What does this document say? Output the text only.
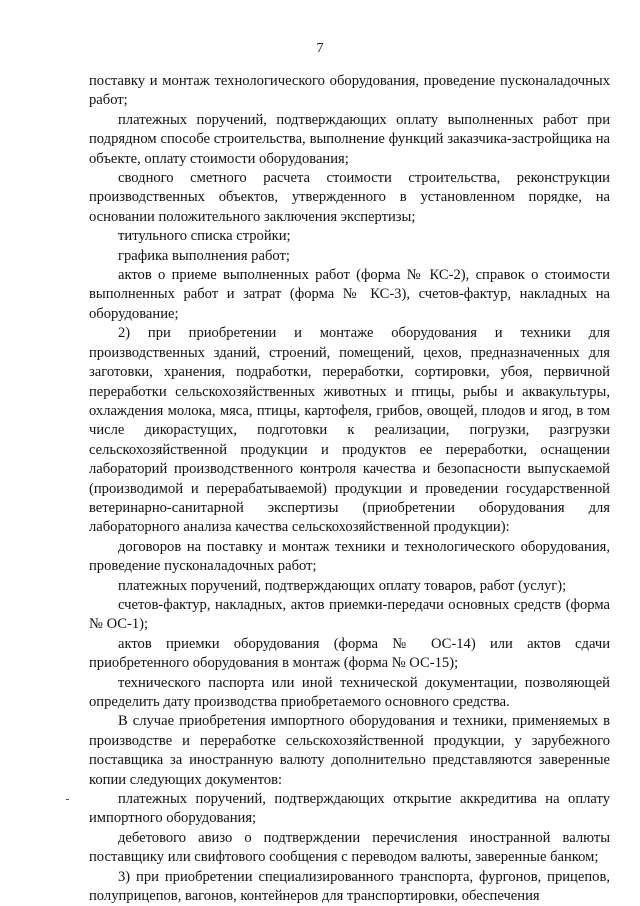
7

поставку и монтаж технологического оборудования, проведение пусконаладочных работ;

платежных поручений, подтверждающих оплату выполненных работ при подрядном способе строительства, выполнение функций заказчика-застройщика на объекте, оплату стоимости оборудования;

сводного сметного расчета стоимости строительства, реконструкции производственных объектов, утвержденного в установленном порядке, на основании положительного заключения экспертизы;

титульного списка стройки;

графика выполнения работ;

актов о приеме выполненных работ (форма № КС-2), справок о стоимости выполненных работ и затрат (форма № КС-3), счетов-фактур, накладных на оборудование;

2) при приобретении и монтаже оборудования и техники для производственных зданий, строений, помещений, цехов, предназначенных для заготовки, хранения, подработки, переработки, сортировки, убоя, первичной переработки сельскохозяйственных животных и птицы, рыбы и аквакультуры, охлаждения молока, мяса, птицы, картофеля, грибов, овощей, плодов и ягод, в том числе дикорастущих, подготовки к реализации, погрузки, разгрузки сельскохозяйственной продукции и продуктов ее переработки, оснащении лабораторий производственного контроля качества и безопасности выпускаемой (производимой и перерабатываемой) продукции и проведении государственной ветеринарно-санитарной экспертизы (приобретении оборудования для лабораторного анализа качества сельскохозяйственной продукции):

договоров на поставку и монтаж техники и технологического оборудования, проведение пусконаладочных работ;

платежных поручений, подтверждающих оплату товаров, работ (услуг);

счетов-фактур, накладных, актов приемки-передачи основных средств (форма № ОС-1);

актов приемки оборудования (форма № ОС-14) или актов сдачи приобретенного оборудования в монтаж (форма № ОС-15);

технического паспорта или иной технической документации, позволяющей определить дату производства приобретаемого основного средства.

В случае приобретения импортного оборудования и техники, применяемых в производстве и переработке сельскохозяйственной продукции, у зарубежного поставщика за иностранную валюту дополнительно представляются заверенные копии следующих документов:

платежных поручений, подтверждающих открытие аккредитива на оплату импортного оборудования;

дебетового авизо о подтверждении перечисления иностранной валюты поставщику или свифтового сообщения с переводом валюты, заверенные банком;

3) при приобретении специализированного транспорта, фургонов, прицепов, полуприцепов, вагонов, контейнеров для транспортировки, обеспечения
